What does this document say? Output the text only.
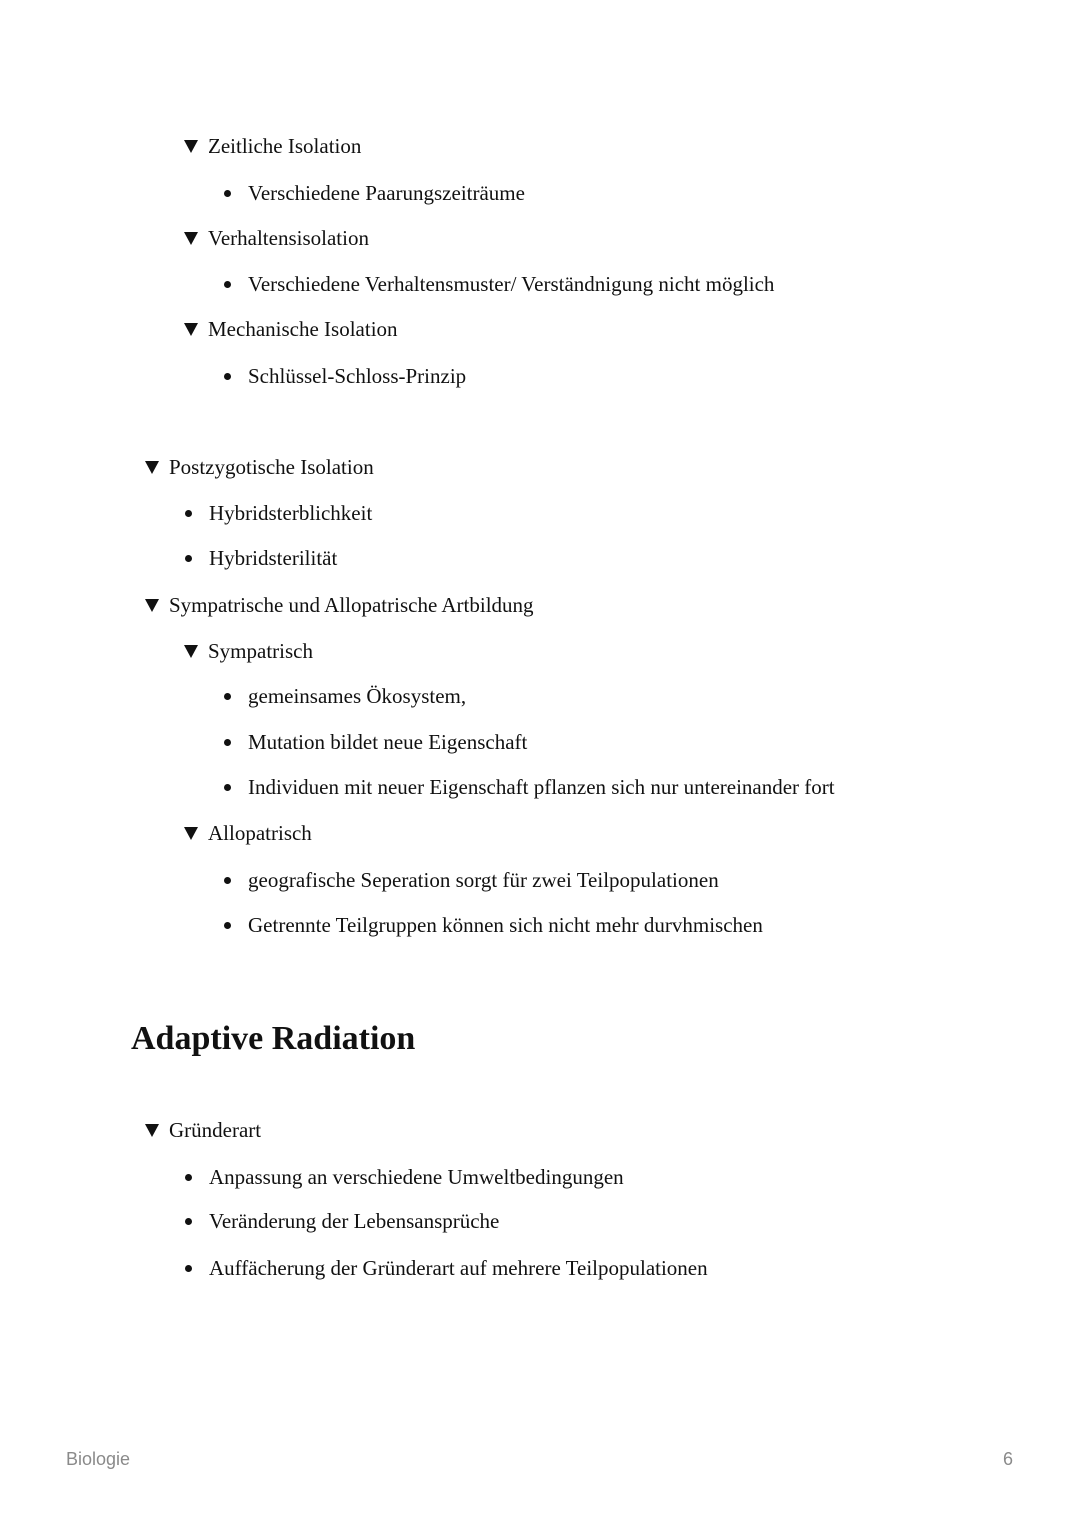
Zeitliche Isolation
Verschiedene Paarungszeiträume
Verhaltensisolation
Verschiedene Verhaltensmuster/ Verständnigung nicht möglich
Mechanische Isolation
Schlüssel-Schloss-Prinzip
Postzygotische Isolation
Hybridsterblichkeit
Hybridsterilität
Sympatrische und Allopatrische Artbildung
Sympatrisch
gemeinsames Ökosystem,
Mutation bildet neue Eigenschaft
Individuen mit neuer Eigenschaft pflanzen sich nur untereinander fort
Allopatrisch
geografische Seperation sorgt für zwei Teilpopulationen
Getrennte Teilgruppen können sich nicht mehr durvhmischen
Adaptive Radiation
Gründerart
Anpassung an verschiedene Umweltbedingungen
Veränderung der Lebensansprüche
Auffächerung der Gründerart auf mehrere Teilpopulationen
Biologie	6
